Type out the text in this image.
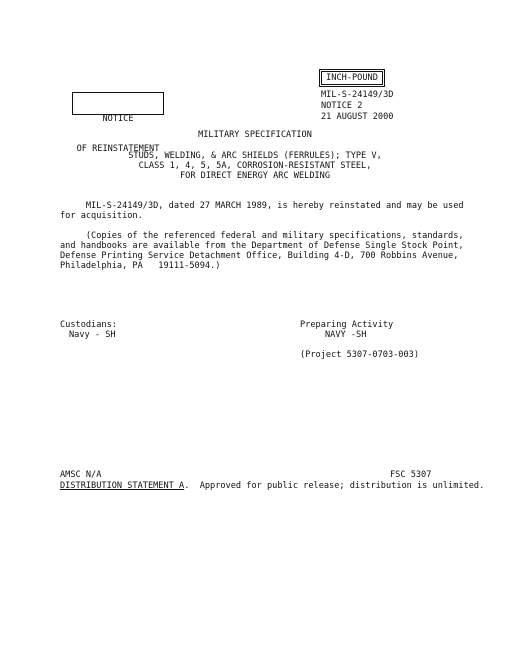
INCH-POUND

NOTICE

OF REINSTATEMENT

MIL-S-24149/3D
NOTICE 2
21 AUGUST 2000
MILITARY SPECIFICATION
STUDS, WELDING, & ARC SHIELDS (FERRULES); TYPE V,
CLASS 1, 4, 5, 5A, CORROSION-RESISTANT STEEL,
FOR DIRECT ENERGY ARC WELDING
MIL-S-24149/3D, dated 27 MARCH 1989, is hereby reinstated and may be used
for acquisition.
(Copies of the referenced federal and military specifications, standards,
and handbooks are available from the Department of Defense Single Stock Point,
Defense Printing Service Detachment Office, Building 4-D, 700 Robbins Avenue,
Philadelphia, PA   19111-5094.)
Custodians:
Navy - SH
Preparing Activity
NAVY -SH
(Project 5307-0703-003)
AMSC N/A	FSC 5307
DISTRIBUTION STATEMENT A.  Approved for public release; distribution is unlimited.
